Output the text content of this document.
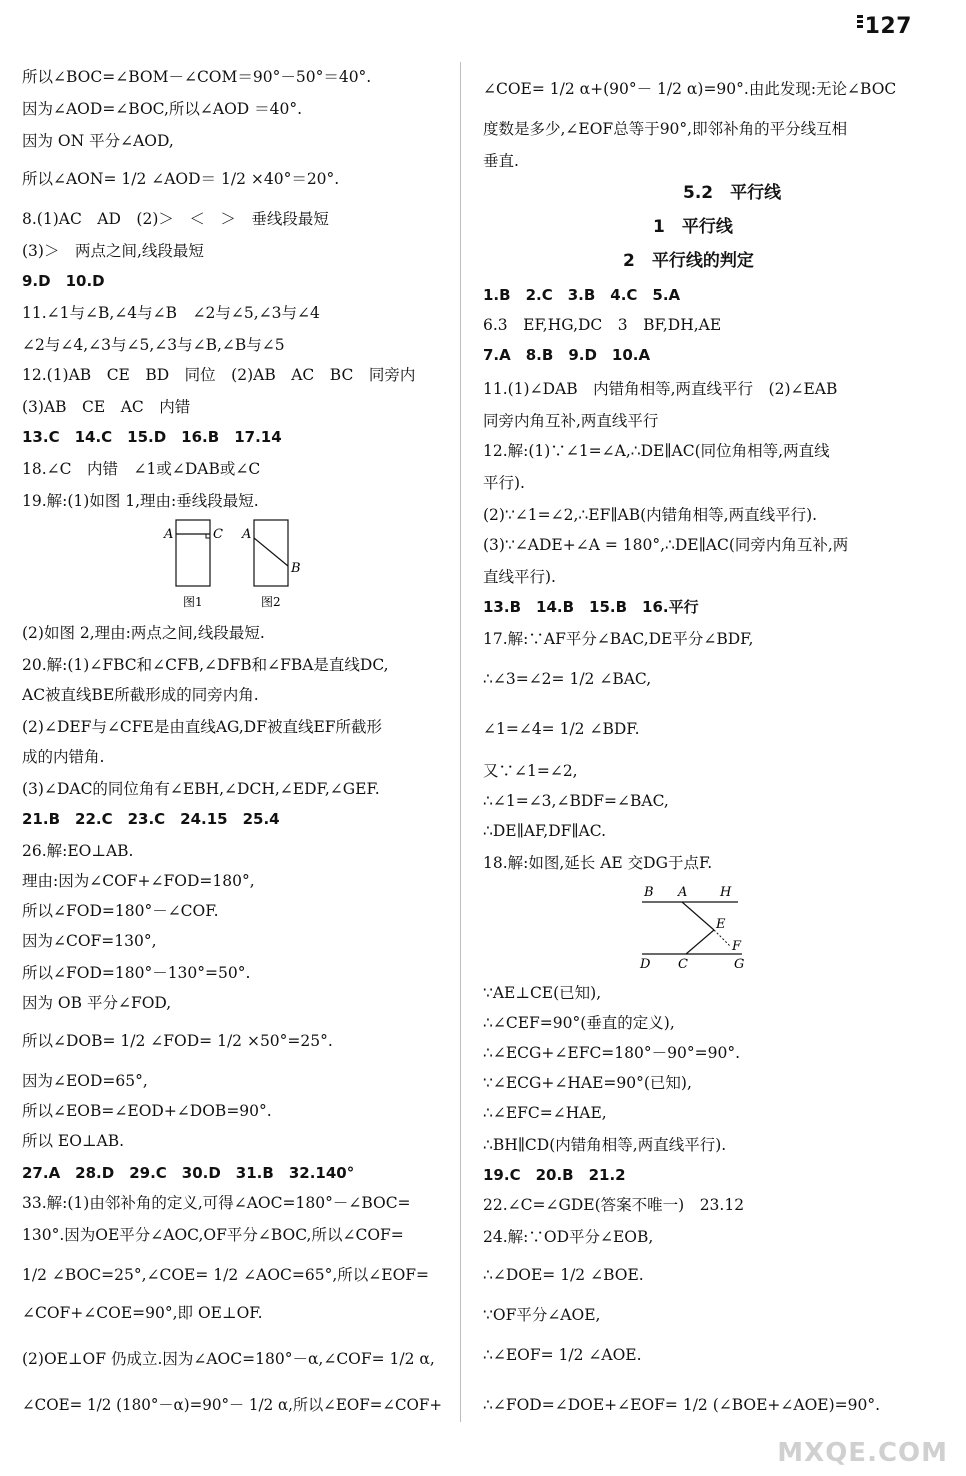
127
所以∠BOC=∠BOM－∠COM＝90°－50°＝40°.
因为∠AOD=∠BOC,所以∠AOD ＝40°.
因为 ON 平分∠AOD,
所以∠AON= 1/2 ∠AOD＝ 1/2 ×40°＝20°.
8.(1)AC　AD　(2)＞　＜　＞　垂线段最短
(3)＞　两点之间,线段最短
9.D　10.D
11.∠1与∠B,∠4与∠B　∠2与∠5,∠3与∠4
∠2与∠4,∠3与∠5,∠3与∠B,∠B与∠5
12.(1)AB　CE　BD　同位　(2)AB　AC　BC　同旁内
(3)AB　CE　AC　内错
13.C　14.C　15.D　16.B　17.14
18.∠C　内错　∠1或∠DAB或∠C
19.解:(1)如图 1,理由:垂线段最短.
(2)如图 2,理由:两点之间,线段最短.
20.解:(1)∠FBC和∠CFB,∠DFB和∠FBA是直线DC,
AC被直线BE所截形成的同旁内角.
(2)∠DEF与∠CFE是由直线AG,DF被直线EF所截形
成的内错角.
(3)∠DAC的同位角有∠EBH,∠DCH,∠EDF,∠GEF.
21.B　22.C　23.C　24.15　25.4
26.解:EO⊥AB.
理由:因为∠COF+∠FOD=180°,
所以∠FOD=180°－∠COF.
因为∠COF=130°,
所以∠FOD=180°－130°=50°.
因为 OB 平分∠FOD,
所以∠DOB= 1/2 ∠FOD= 1/2 ×50°=25°.
因为∠EOD=65°,
所以∠EOB=∠EOD+∠DOB=90°.
所以 EO⊥AB.
27.A　28.D　29.C　30.D　31.B　32.140°
33.解:(1)由邻补角的定义,可得∠AOC=180°－∠BOC=
130°.因为OE平分∠AOC,OF平分∠BOC,所以∠COF=
1/2 ∠BOC=25°,∠COE= 1/2 ∠AOC=65°,所以∠EOF=
∠COF+∠COE=90°,即 OE⊥OF.
(2)OE⊥OF 仍成立.因为∠AOC=180°－α,∠COF= 1/2 α,
∠COE= 1/2 (180°－α)=90°－ 1/2 α,所以∠EOF=∠COF+
∠COE= 1/2 α+(90°－ 1/2 α)=90°.由此发现:无论∠BOC
度数是多少,∠EOF总等于90°,即邻补角的平分线互相
垂直.
5.2　平行线
1　平行线
2　平行线的判定
1.B　2.C　3.B　4.C　5.A
6.3　EF,HG,DC　3　BF,DH,AE
7.A　8.B　9.D　10.A
11.(1)∠DAB　内错角相等,两直线平行　(2)∠EAB
同旁内角互补,两直线平行
12.解:(1)∵∠1=∠A,∴DE∥AC(同位角相等,两直线
平行).
(2)∵∠1=∠2,∴EF∥AB(内错角相等,两直线平行).
(3)∵∠ADE+∠A = 180°,∴DE∥AC(同旁内角互补,两
直线平行).
13.B　14.B　15.B　16.平行
17.解:∵AF平分∠BAC,DE平分∠BDF,
∴∠3=∠2= 1/2 ∠BAC,
∠1=∠4= 1/2 ∠BDF.
又∵∠1=∠2,
∴∠1=∠3,∠BDF=∠BAC,
∴DE∥AF,DF∥AC.
18.解:如图,延长 AE 交DG于点F.
∵AE⊥CE(已知),
∴∠CEF=90°(垂直的定义),
∴∠ECG+∠EFC=180°－90°=90°.
∵∠ECG+∠HAE=90°(已知),
∴∠EFC=∠HAE,
∴BH∥CD(内错角相等,两直线平行).
19.C　20.B　21.2
22.∠C=∠GDE(答案不唯一)　23.12
24.解:∵OD平分∠EOB,
∴∠DOE= 1/2 ∠BOE.
∵OF平分∠AOE,
∴∠EOF= 1/2 ∠AOE.
∴∠FOD=∠DOE+∠EOF= 1/2 (∠BOE+∠AOE)=90°.
A	C A
B
图1	图2
B A	H
E
F
D C	G
MXQE.COM
